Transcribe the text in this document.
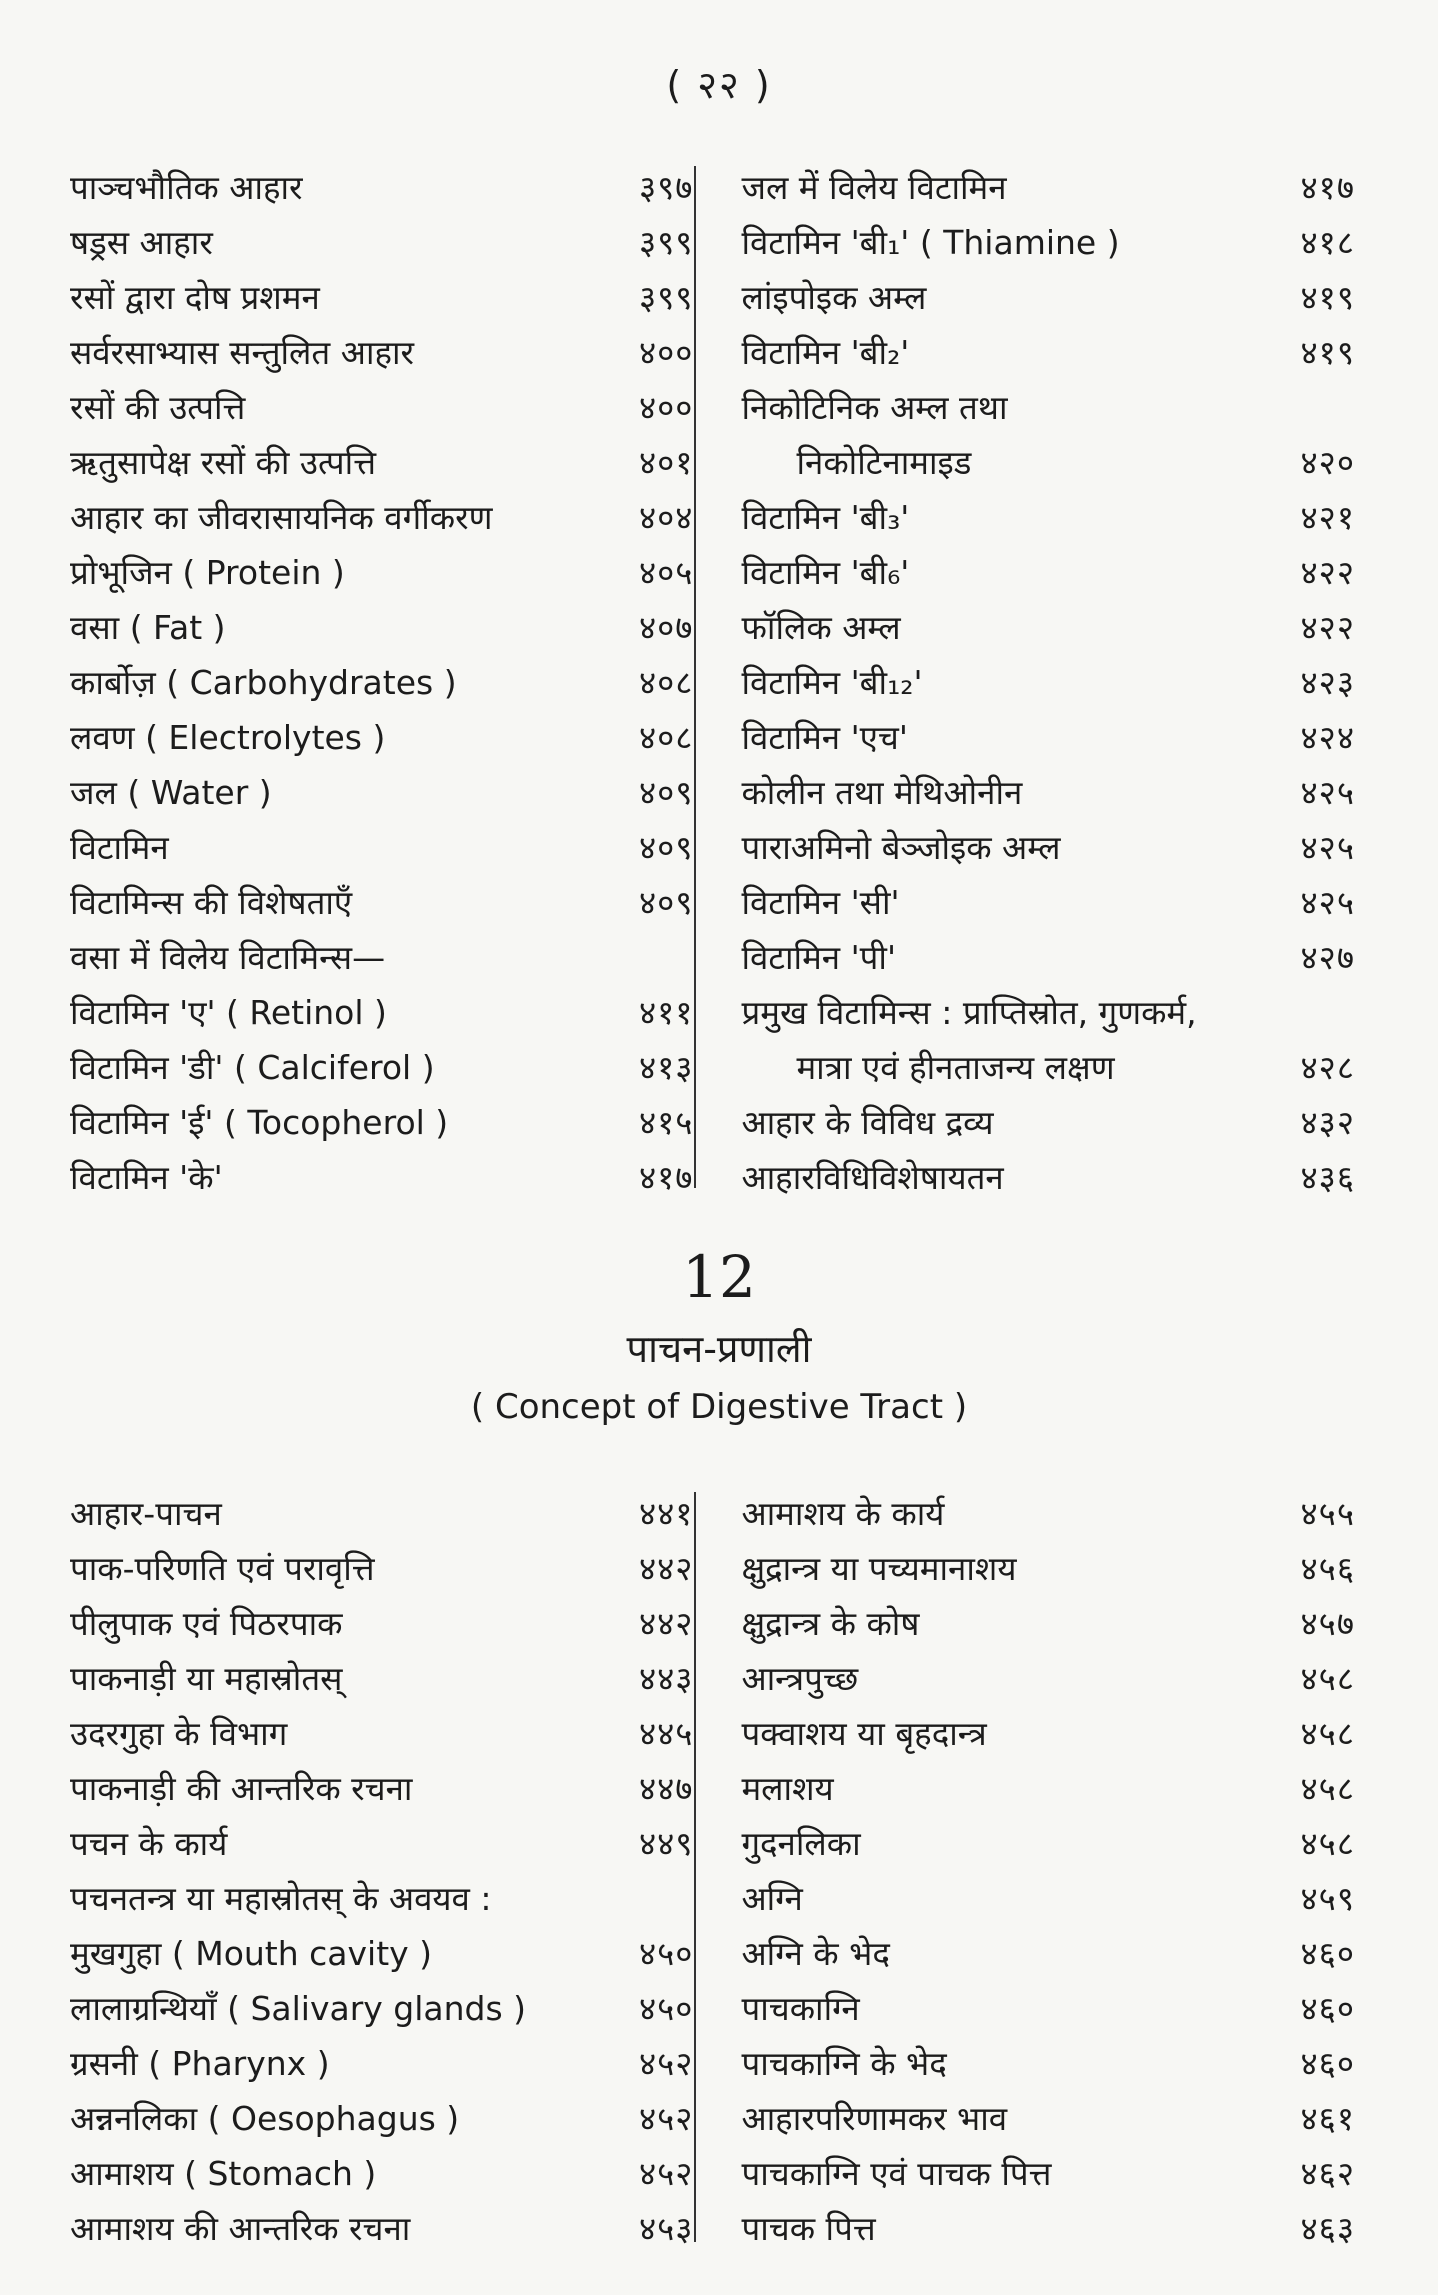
( २२ )
पाञ्चभौतिक आहार	३९७
षड्रस आहार	३९९
रसों द्वारा दोष प्रशमन	३९९
सर्वरसाभ्यास सन्तुलित आहार	४००
रसों की उत्पत्ति	४००
ऋतुसापेक्ष रसों की उत्पत्ति	४०१
आहार का जीवरासायनिक वर्गीकरण	४०४
प्रोभूजिन ( Protein )	४०५
वसा ( Fat )	४०७
कार्बोज़ ( Carbohydrates )	४०८
लवण ( Electrolytes )	४०८
जल ( Water )	४०९
विटामिन	४०९
विटामिन्स की विशेषताएँ	४०९
वसा में विलेय विटामिन्स—
विटामिन 'ए' ( Retinol )	४११
विटामिन 'डी' ( Calciferol )	४१३
विटामिन 'ई' ( Tocopherol )	४१५
विटामिन 'के'	४१७
जल में विलेय विटामिन	४१७
विटामिन 'बी₁' ( Thiamine )	४१८
लांइपोइक अम्ल	४१९
विटामिन 'बी₂'	४१९
निकोटिनिक अम्ल तथा
निकोटिनामाइड	४२०
विटामिन 'बी₃'	४२१
विटामिन 'बी₆'	४२२
फॉलिक अम्ल	४२२
विटामिन 'बी₁₂'	४२३
विटामिन 'एच'	४२४
कोलीन तथा मेथिओनीन	४२५
पाराअमिनो बेञ्जोइक अम्ल	४२५
विटामिन 'सी'	४२५
विटामिन 'पी'	४२७
प्रमुख विटामिन्स : प्राप्तिस्रोत, गुणकर्म,
मात्रा एवं हीनताजन्य लक्षण	४२८
आहार के विविध द्रव्य	४३२
आहारविधिविशेषायतन	४३६
12
पाचन-प्रणाली
( Concept of Digestive Tract )
आहार-पाचन	४४१
पाक-परिणति एवं परावृत्ति	४४२
पीलुपाक एवं पिठरपाक	४४२
पाकनाड़ी या महास्रोतस्	४४३
उदरगुहा के विभाग	४४५
पाकनाड़ी की आन्तरिक रचना	४४७
पचन के कार्य	४४९
पचनतन्त्र या महास्रोतस् के अवयव :
मुखगुहा ( Mouth cavity )	४५०
लालाग्रन्थियाँ ( Salivary glands )	४५०
ग्रसनी ( Pharynx )	४५२
अन्ननलिका ( Oesophagus )	४५२
आमाशय ( Stomach )	४५२
आमाशय की आन्तरिक रचना	४५३
आमाशय के कार्य	४५५
क्षुद्रान्त्र या पच्यमानाशय	४५६
क्षुद्रान्त्र के कोष	४५७
आन्त्रपुच्छ	४५८
पक्वाशय या बृहदान्त्र	४५८
मलाशय	४५८
गुदनलिका	४५८
अग्नि	४५९
अग्नि के भेद	४६०
पाचकाग्नि	४६०
पाचकाग्नि के भेद	४६०
आहारपरिणामकर भाव	४६१
पाचकाग्नि एवं पाचक पित्त	४६२
पाचक पित्त	४६३
